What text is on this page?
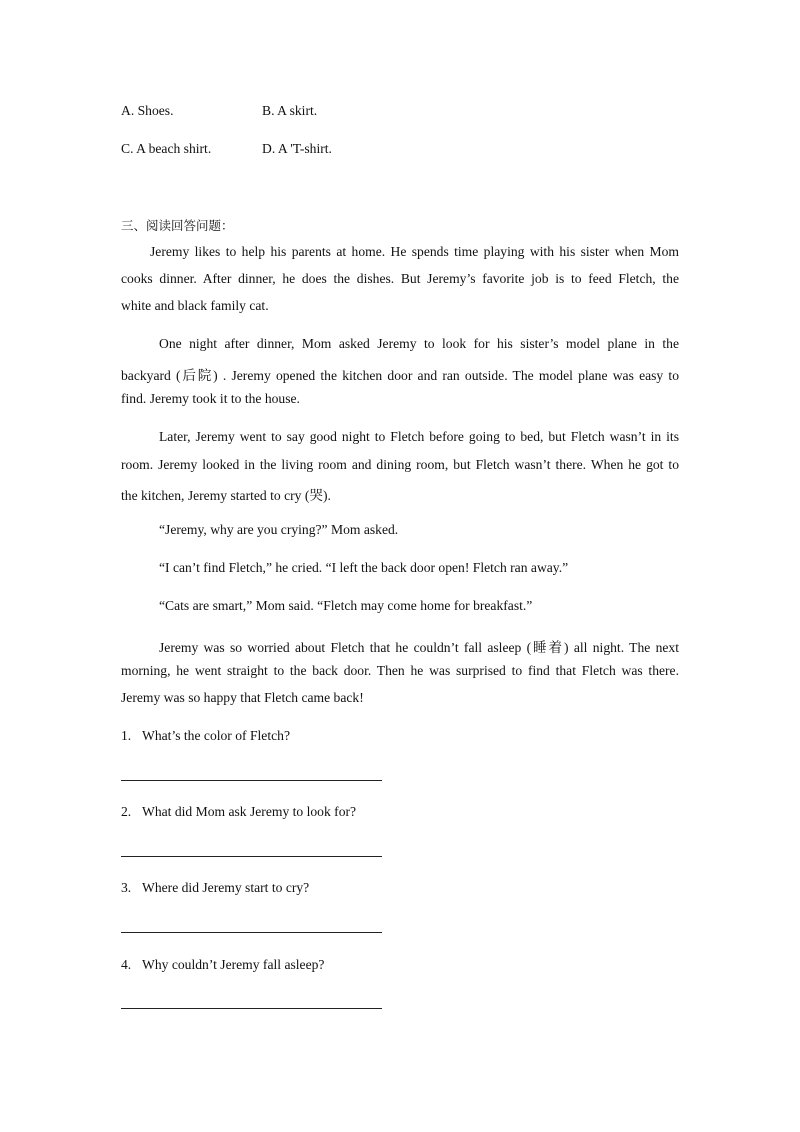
A. Shoes.	B. A skirt.
C. A beach shirt.	D. A 'T-shirt.
三、阅读回答问题：
Jeremy likes to help his parents at home. He spends time playing with his sister when Mom
cooks dinner. After dinner, he does the dishes. But Jeremy’s favorite job is to feed Fletch, the
white and black family cat.
One night after dinner, Mom asked Jeremy to look for his sister’s model plane in the
backyard (后院) . Jeremy opened the kitchen door and ran outside. The model plane was easy to
find. Jeremy took it to the house.
Later, Jeremy went to say good night to Fletch before going to bed, but Fletch wasn’t in its
room. Jeremy looked in the living room and dining room, but Fletch wasn’t there. When he got to
the kitchen, Jeremy started to cry (哭).
“Jeremy, why are you crying?” Mom asked.
“I can’t find Fletch,” he cried. “I left the back door open! Fletch ran away.”
“Cats are smart,” Mom said. “Fletch may come home for breakfast.”
Jeremy was so worried about Fletch that he couldn’t fall asleep (睡着) all night. The next
morning, he went straight to the back door. Then he was surprised to find that Fletch was there.
Jeremy was so happy that Fletch came back!
1. What’s the color of Fletch?
2. What did Mom ask Jeremy to look for?
3. Where did Jeremy start to cry?
4. Why couldn’t Jeremy fall asleep?
